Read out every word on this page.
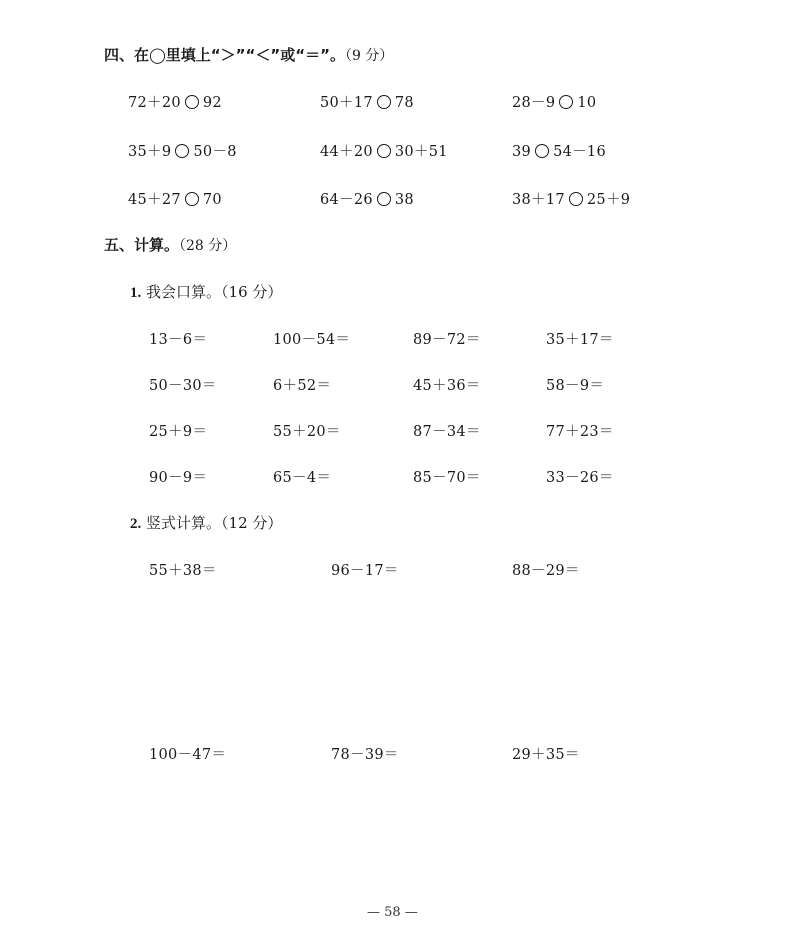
四、在◯里填上“＞”“＜”或“＝”。（9 分）
72＋20 92	50＋17 78	28－9 10
35＋9 50－8	44＋20 30＋51	39 54－16
45＋27 70	64－26 38	38＋17 25＋9
五、计算。（28 分）
1. 我会口算。（16 分）
13－6＝	100－54＝	89－72＝	35＋17＝
50－30＝	6＋52＝	45＋36＝	58－9＝
25＋9＝	55＋20＝	87－34＝	77＋23＝
90－9＝	65－4＝	85－70＝	33－26＝
2. 竖式计算。（12 分）
55＋38＝	96－17＝	88－29＝
100－47＝	78－39＝	29＋35＝
— 58 —
